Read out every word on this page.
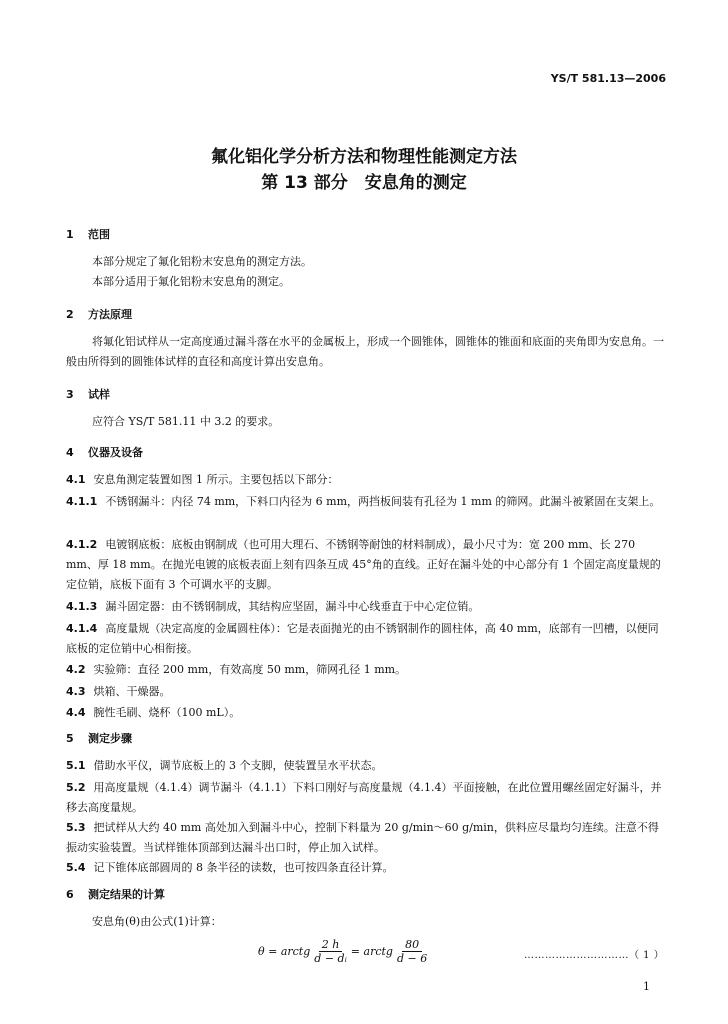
YS/T 581.13—2006
氟化铝化学分析方法和物理性能测定方法
第 13 部分　安息角的测定
1 范围
本部分规定了氟化铝粉末安息角的测定方法。
本部分适用于氟化铝粉末安息角的测定。
2 方法原理
将氟化铝试样从一定高度通过漏斗落在水平的金属板上，形成一个圆锥体，圆锥体的锥面和底面的夹角即为安息角。一般由所得到的圆锥体试样的直径和高度计算出安息角。
3 试样
应符合 YS/T 581.11 中 3.2 的要求。
4 仪器及设备
4.1 安息角测定装置如图 1 所示。主要包括以下部分：
4.1.1 不锈钢漏斗：内径 74 mm，下料口内径为 6 mm，两挡板间装有孔径为 1 mm 的筛网。此漏斗被紧固在支架上。
4.1.2 电镀钢底板：底板由钢制成（也可用大理石、不锈钢等耐蚀的材料制成），最小尺寸为：宽 200 mm、长 270 mm、厚 18 mm。在抛光电镀的底板表面上刻有四条互成 45°角的直线。正好在漏斗处的中心部分有 1 个固定高度量规的定位销，底板下面有 3 个可调水平的支脚。
4.1.3 漏斗固定器：由不锈钢制成，其结构应坚固，漏斗中心线垂直于中心定位销。
4.1.4 高度量规（决定高度的金属圆柱体）：它是表面抛光的由不锈钢制作的圆柱体，高 40 mm，底部有一凹槽，以便同底板的定位销中心相衔接。
4.2 实验筛：直径 200 mm，有效高度 50 mm，筛网孔径 1 mm。
4.3 烘箱、干燥器。
4.4 腕性毛刷、烧杯（100 mL）。
5 测定步骤
5.1 借助水平仪，调节底板上的 3 个支脚，使装置呈水平状态。
5.2 用高度量规（4.1.4）调节漏斗（4.1.1）下料口刚好与高度量规（4.1.4）平面接触，在此位置用螺丝固定好漏斗，并移去高度量规。
5.3 把试样从大约 40 mm 高处加入到漏斗中心，控制下料量为 20 g/min～60 g/min，供料应尽量均匀连续。注意不得振动实验装置。当试样锥体顶部到达漏斗出口时，停止加入试样。
5.4 记下锥体底部圆周的 8 条半径的读数，也可按四条直径计算。
6 测定结果的计算
安息角(θ)由公式(1)计算：
θ = arctg $\frac{2 h}{\text{d − dᵢ}}$ = arctg $\frac{80}{d - 6}$	…………………………（ 1 ）
1
